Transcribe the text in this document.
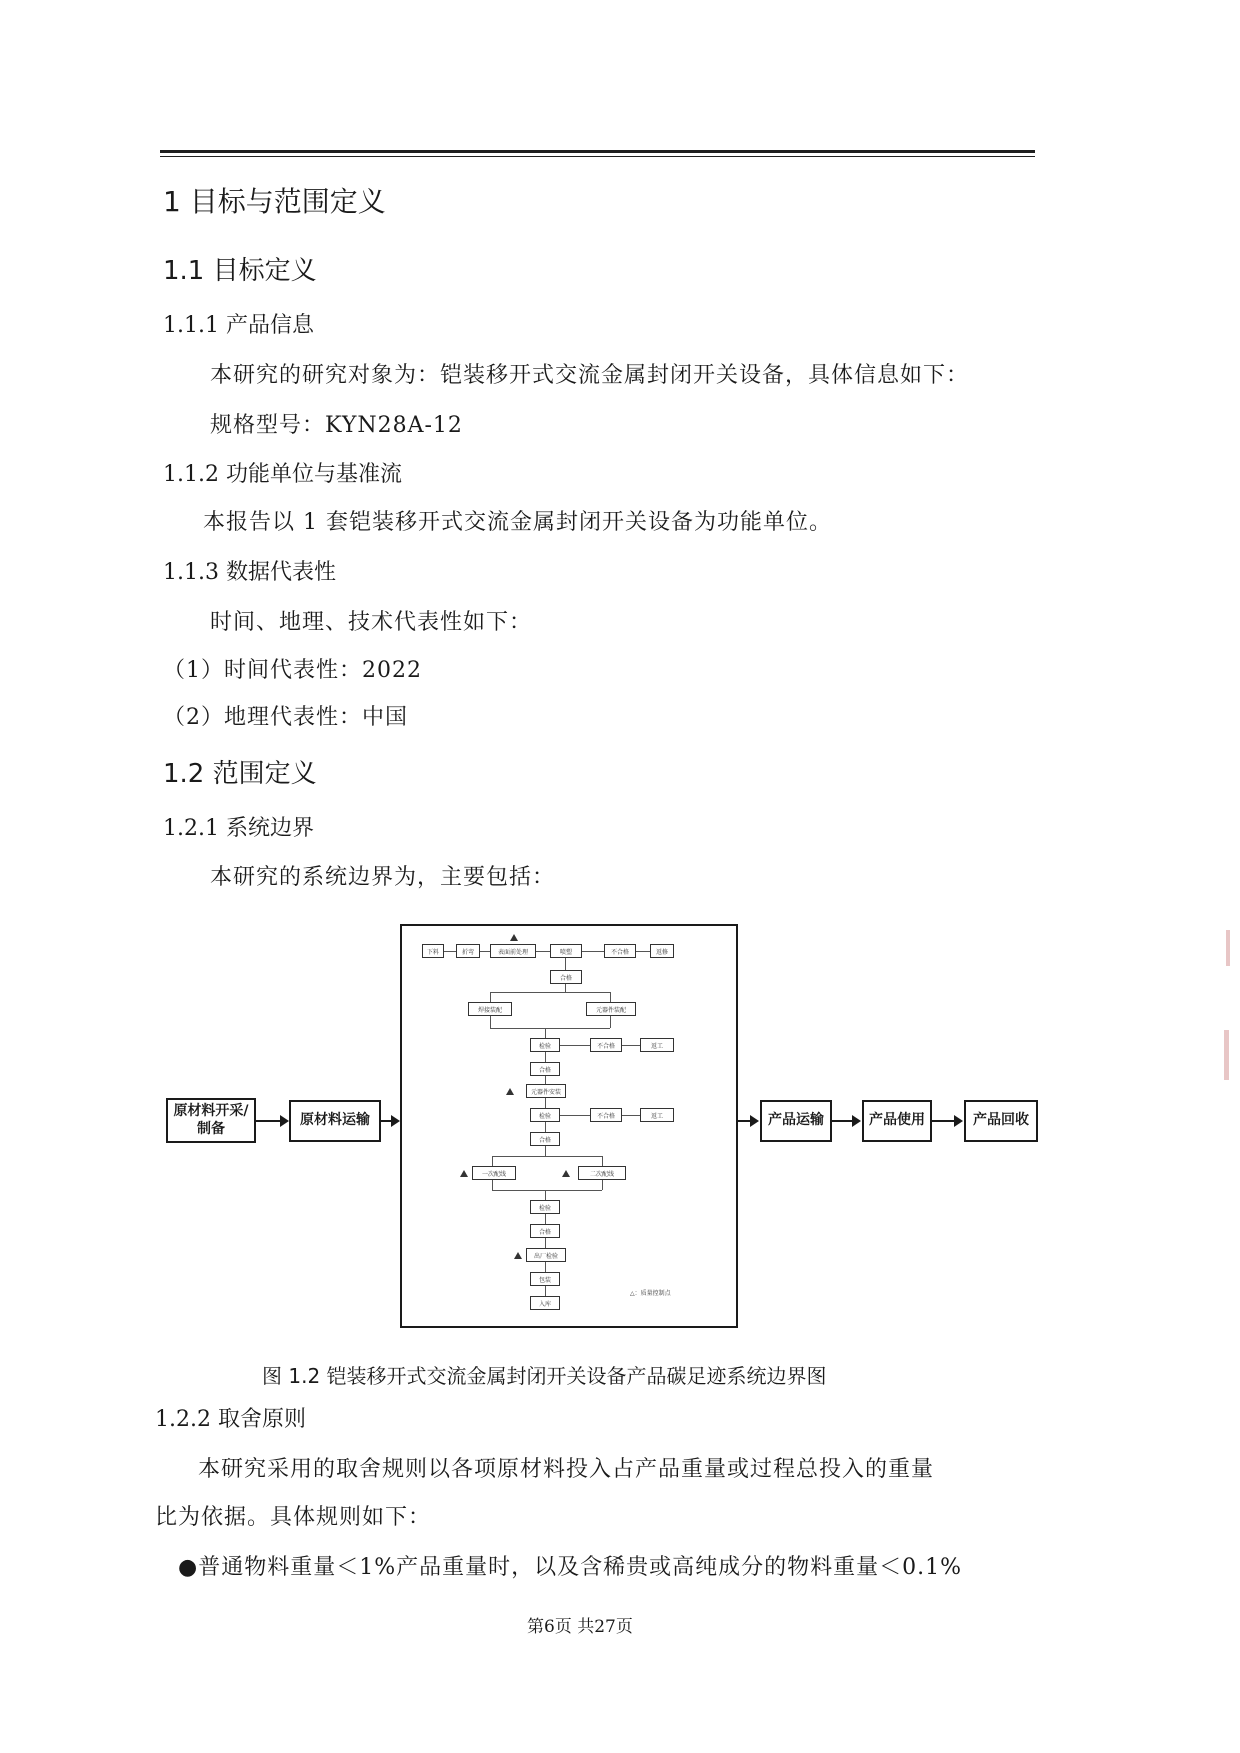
1 目标与范围定义
1.1 目标定义
1.1.1 产品信息
本研究的研究对象为：铠装移开式交流金属封闭开关设备，具体信息如下：
规格型号：KYN28A-12
1.1.2 功能单位与基准流
本报告以 1 套铠装移开式交流金属封闭开关设备为功能单位。
1.1.3 数据代表性
时间、地理、技术代表性如下：
（1）时间代表性：2022
（2）地理代表性：中国
1.2 范围定义
1.2.1 系统边界
本研究的系统边界为，主要包括：
原材料开采/制备
原材料运输
下料	折弯	表面前处理	喷塑	不合格	返修
合格
焊接装配	元器件装配
检验	不合格	返工
合格
元器件安装
检验	不合格	返工
合格
一次配线	二次配线
检验
合格
出厂检验
包装
入库
△：质量控制点
产品运输	产品使用	产品回收
图 1.2 铠装移开式交流金属封闭开关设备产品碳足迹系统边界图
1.2.2 取舍原则
本研究采用的取舍规则以各项原材料投入占产品重量或过程总投入的重量
比为依据。具体规则如下：
●普通物料重量＜1%产品重量时，以及含稀贵或高纯成分的物料重量＜0.1%
第6页 共27页
